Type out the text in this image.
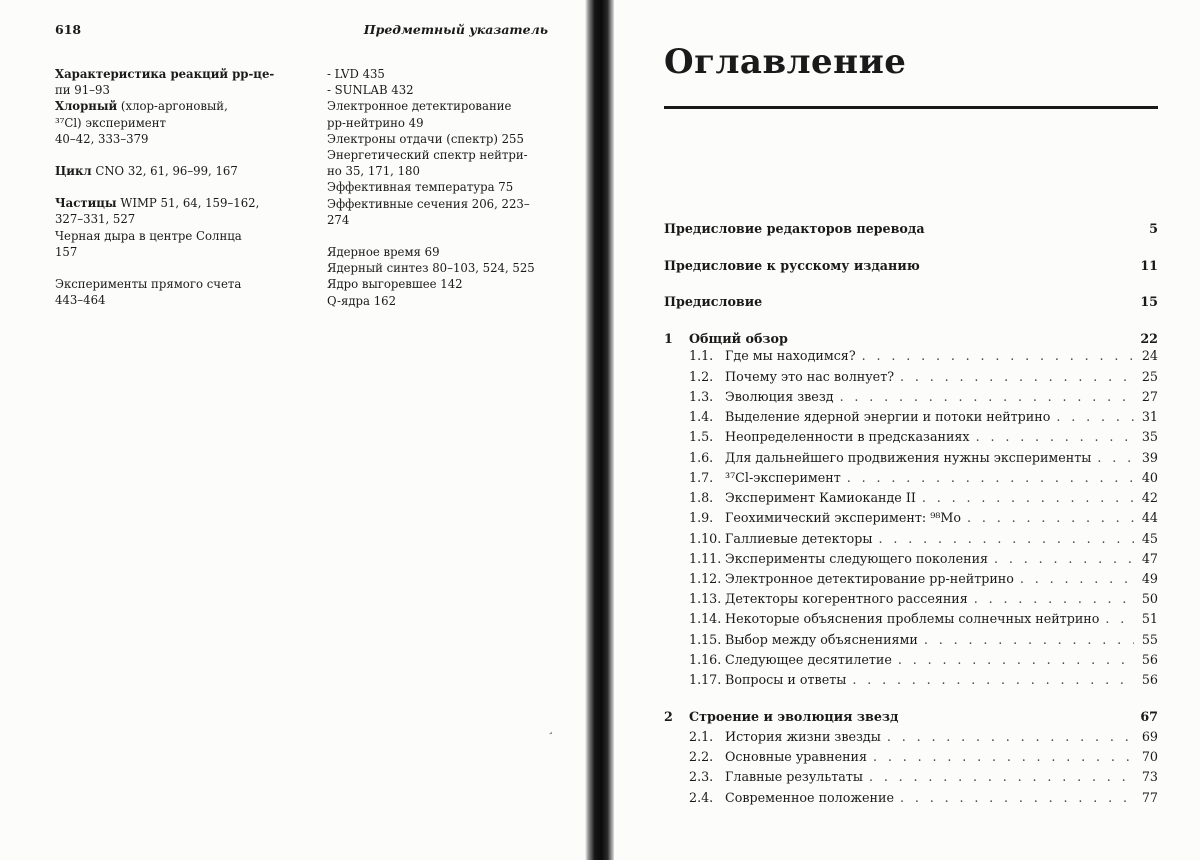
618	Предметный указатель
Характеристика реакций pp-це-
пи 91–93
Хлорный (хлор-аргоновый,
³⁷Cl) эксперимент
40–42, 333–379
Цикл CNO 32, 61, 96–99, 167
Частицы WIMP 51, 64, 159–162,
327–331, 527
Черная дыра в центре Солнца
157
Эксперименты прямого счета
443–464
- LVD 435
- SUNLAB 432
Электронное детектирование
pp-нейтрино 49
Электроны отдачи (спектр) 255
Энергетический спектр нейтри-
но 35, 171, 180
Эффективная температура 75
Эффективные сечения 206, 223–
274
Ядерное время 69
Ядерный синтез 80–103, 524, 525
Ядро выгоревшее 142
Q-ядра 162
¸
Оглавление
Предисловие редакторов перевода	5
Предисловие к русскому изданию	11
Предисловие	15
1	Общий обзор	22
1.1. Где мы находимся? . . .	24
1.2. Почему это нас волнует? . . .	25
1.3. Эволюция звезд . . .	27
1.4. Выделение ядерной энергии и потоки нейтрино . . .	31
1.5. Неопределенности в предсказаниях . . .	35
1.6. Для дальнейшего продвижения нужны эксперименты . . .	39
1.7. ³⁷Cl-эксперимент . . .	40
1.8. Эксперимент Камиоканде II . . .	42
1.9. Геохимический эксперимент: ⁹⁸Mo . . .	44
1.10. Галлиевые детекторы . . .	45
1.11. Эксперименты следующего поколения . . .	47
1.12. Электронное детектирование pp-нейтрино . . .	49
1.13. Детекторы когерентного рассеяния . . .	50
1.14. Некоторые объяснения проблемы солнечных нейтрино . . .	51
1.15. Выбор между объяснениями . . .	55
1.16. Следующее десятилетие . . .	56
1.17. Вопросы и ответы . . .	56
2	Строение и эволюция звезд	67
2.1. История жизни звезды . . .	69
2.2. Основные уравнения . . .	70
2.3. Главные результаты . . .	73
2.4. Современное положение . . .	77
